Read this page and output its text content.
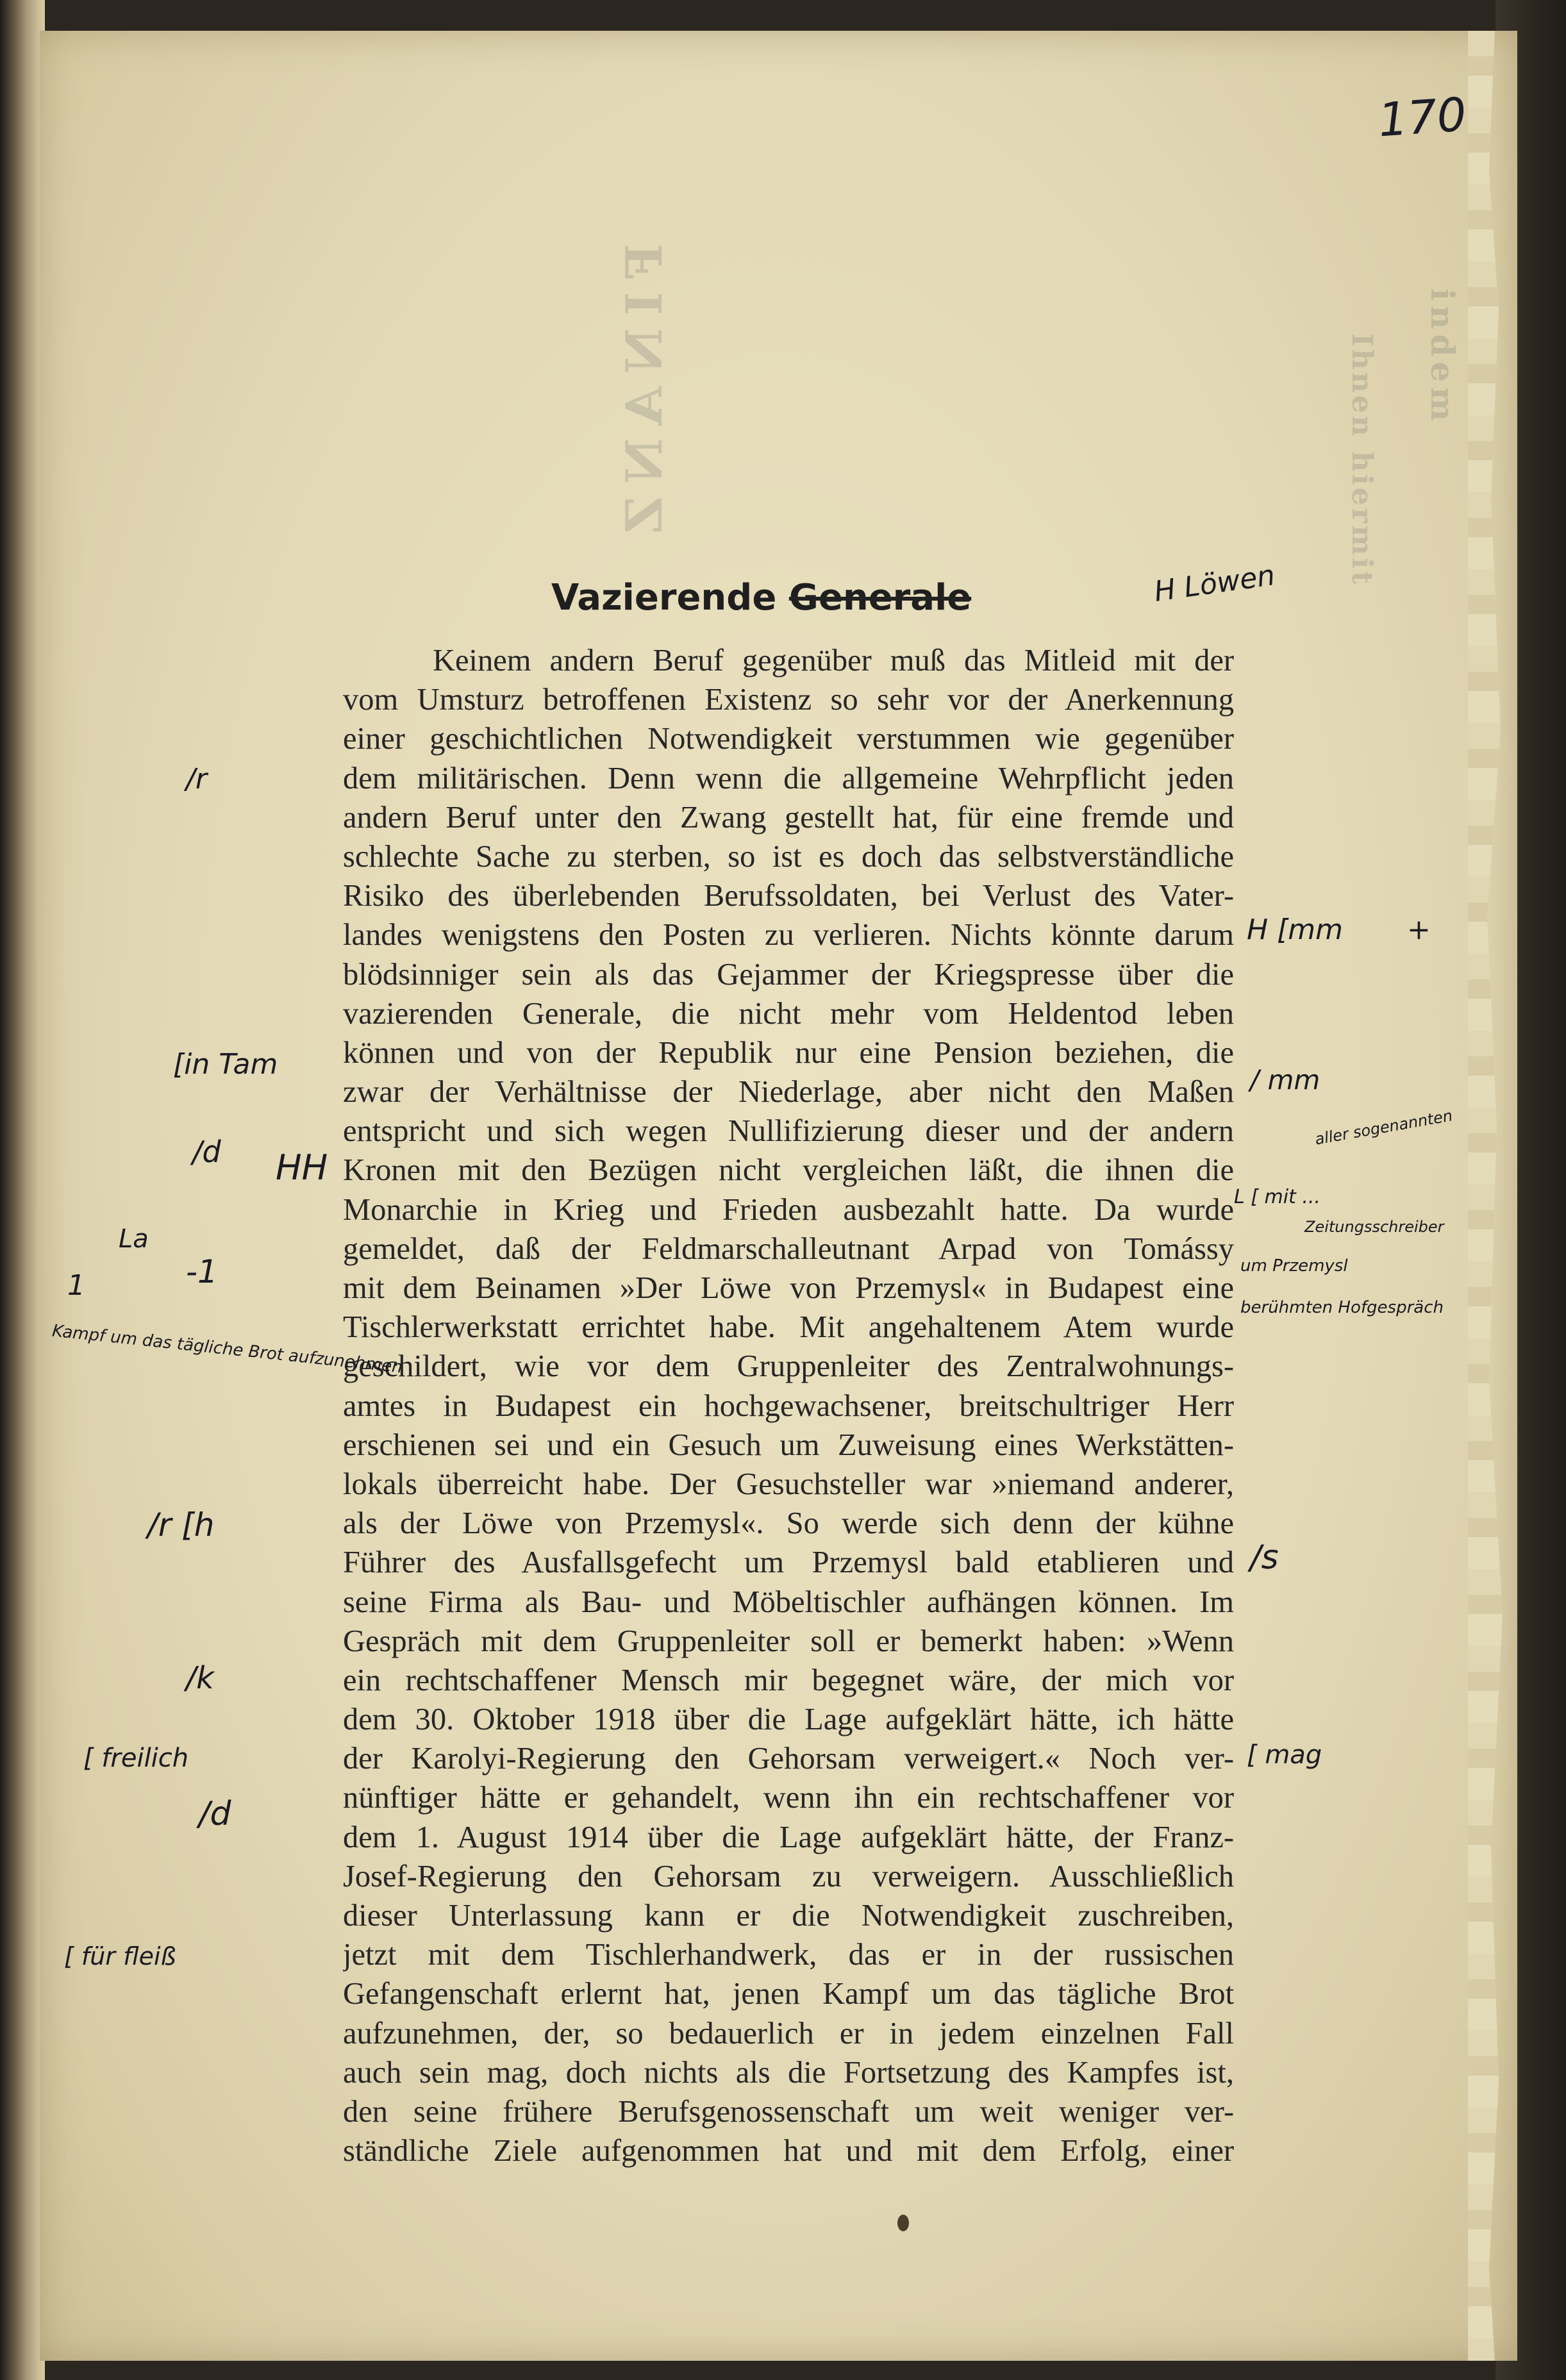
FINANZ	indem
Ihnen hiermit
170
Vazierende Generale	H Löwen
Keinem andern Beruf gegenüber muß das Mitleid mit der
vom Umsturz betroffenen Existenz so sehr vor der Anerkennung
einer geschichtlichen Notwendigkeit verstummen wie gegenüber
dem militärischen. Denn wenn die allgemeine Wehrpflicht jeden
andern Beruf unter den Zwang gestellt hat, für eine fremde und
schlechte Sache zu sterben, so ist es doch das selbstverständliche
Risiko des überlebenden Berufssoldaten, bei Verlust des Vater-
landes wenigstens den Posten zu verlieren. Nichts könnte darum
blödsinniger sein als das Gejammer der Kriegspresse über die
vazierenden Generale, die nicht mehr vom Heldentod leben
können und von der Republik nur eine Pension beziehen, die
zwar der Verhältnisse der Niederlage, aber nicht den Maßen
entspricht und sich wegen Nullifizierung dieser und der andern
Kronen mit den Bezügen nicht vergleichen läßt, die ihnen die
Monarchie in Krieg und Frieden ausbezahlt hatte. Da wurde
gemeldet, daß der Feldmarschalleutnant Arpad von Tomássy
mit dem Beinamen »Der Löwe von Przemysl« in Budapest eine
Tischlerwerkstatt errichtet habe. Mit angehaltenem Atem wurde
geschildert, wie vor dem Gruppenleiter des Zentralwohnungs-
amtes in Budapest ein hochgewachsener, breitschultriger Herr
erschienen sei und ein Gesuch um Zuweisung eines Werkstätten-
lokals überreicht habe. Der Gesuchsteller war »niemand anderer,
als der Löwe von Przemysl«. So werde sich denn der kühne
Führer des Ausfallsgefecht um Przemysl bald etablieren und
seine Firma als Bau- und Möbeltischler aufhängen können. Im
Gespräch mit dem Gruppenleiter soll er bemerkt haben: »Wenn
ein rechtschaffener Mensch mir begegnet wäre, der mich vor
dem 30. Oktober 1918 über die Lage aufgeklärt hätte, ich hätte
der Karolyi-Regierung den Gehorsam verweigert.« Noch ver-
nünftiger hätte er gehandelt, wenn ihn ein rechtschaffener vor
dem 1. August 1914 über die Lage aufgeklärt hätte, der Franz-
Josef-Regierung den Gehorsam zu verweigern. Ausschließlich
dieser Unterlassung kann er die Notwendigkeit zuschreiben,
jetzt mit dem Tischlerhandwerk, das er in der russischen
Gefangenschaft erlernt hat, jenen Kampf um das tägliche Brot
aufzunehmen, der, so bedauerlich er in jedem einzelnen Fall
auch sein mag, doch nichts als die Fortsetzung des Kampfes ist,
den seine frühere Berufsgenossenschaft um weit weniger ver-
ständliche Ziele aufgenommen hat und mit dem Erfolg, einer
/r
[in Tam
/d HH
La
-1
1
Kampf um das tägliche Brot aufzunehmen
/r [h
/k
[ freilich
/d
[ für fleiß
H [mm +
/ mm
aller sogenannten
L [ mit ...
Zeitungsschreiber
um Przemysl
berühmten Hofgespräch
/s
[ mag
